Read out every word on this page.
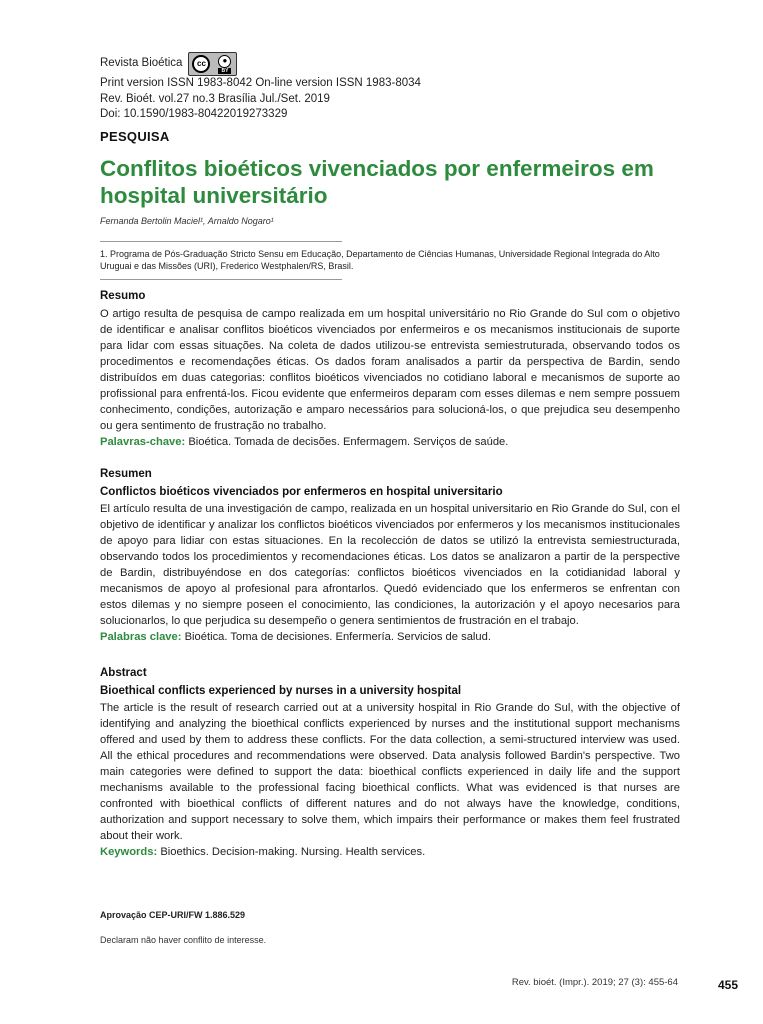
Revista Bioética	cc	●
BY
Print version ISSN 1983-8042 On-line version ISSN 1983-8034
Rev. Bioét. vol.27 no.3 Brasília Jul./Set. 2019
Doi: 10.1590/1983-80422019273329
PESQUISA
Conflitos bioéticos vivenciados por enfermeiros em hospital universitário
Fernanda Bertolin Maciel¹, Arnaldo Nogaro¹
1. Programa de Pós-Graduação Stricto Sensu em Educação, Departamento de Ciências Humanas, Universidade Regional Integrada do Alto Uruguai e das Missões (URI), Frederico Westphalen/RS, Brasil.
Resumo

O artigo resulta de pesquisa de campo realizada em um hospital universitário no Rio Grande do Sul com o objetivo de identificar e analisar conflitos bioéticos vivenciados por enfermeiros e os mecanismos institucionais de suporte para lidar com essas situações. Na coleta de dados utilizou-se entrevista semiestruturada, observando todos os procedimentos e recomendações éticas. Os dados foram analisados a partir da perspectiva de Bardin, sendo distribuídos em duas categorias: conflitos bioéticos vivenciados no cotidiano laboral e mecanismos de suporte ao profissional para enfrentá-los. Ficou evidente que enfermeiros deparam com esses dilemas e nem sempre possuem conhecimento, condições, autorização e amparo necessários para solucioná-los, o que prejudica seu desempenho ou gera sentimento de frustração no trabalho.

Palavras-chave: Bioética. Tomada de decisões. Enfermagem. Serviços de saúde.
Resumen
Conflictos bioéticos vivenciados por enfermeros en hospital universitario

El artículo resulta de una investigación de campo, realizada en un hospital universitario en Rio Grande do Sul, con el objetivo de identificar y analizar los conflictos bioéticos vivenciados por enfermeros y los mecanismos institucionales de apoyo para lidiar con estas situaciones. En la recolección de datos se utilizó la entrevista semiestructurada, observando todos los procedimientos y recomendaciones éticas. Los datos se analizaron a partir de la perspective de Bardin, distribuyéndose en dos categorías: conflictos bioéticos vivenciados en la cotidianidad laboral y mecanismos de apoyo al profesional para afrontarlos. Quedó evidenciado que los enfermeros se enfrentan con estos dilemas y no siempre poseen el conocimiento, las condiciones, la autorización y el apoyo necesarios para solucionarlos, lo que perjudica su desempeño o genera sentimientos de frustración en el trabajo.

Palabras clave: Bioética. Toma de decisiones. Enfermería. Servicios de salud.
Abstract
Bioethical conflicts experienced by nurses in a university hospital

The article is the result of research carried out at a university hospital in Rio Grande do Sul, with the objective of identifying and analyzing the bioethical conflicts experienced by nurses and the institutional support mechanisms offered and used by them to address these conflicts. For the data collection, a semi-structured interview was used. All the ethical procedures and recommendations were observed. Data analysis followed Bardin's perspective. Two main categories were defined to support the data: bioethical conflicts experienced in daily life and the support mechanisms available to the professional facing bioethical conflicts. What was evidenced is that nurses are confronted with bioethical conflicts of different natures and do not always have the knowledge, conditions, authorization and support necessary to solve them, which impairs their performance or makes them feel frustrated about their work.

Keywords: Bioethics. Decision-making. Nursing. Health services.
Aprovação CEP-URI/FW 1.886.529
Declaram não haver conflito de interesse.
Rev. bioét. (Impr.). 2019; 27 (3): 455-64	455
